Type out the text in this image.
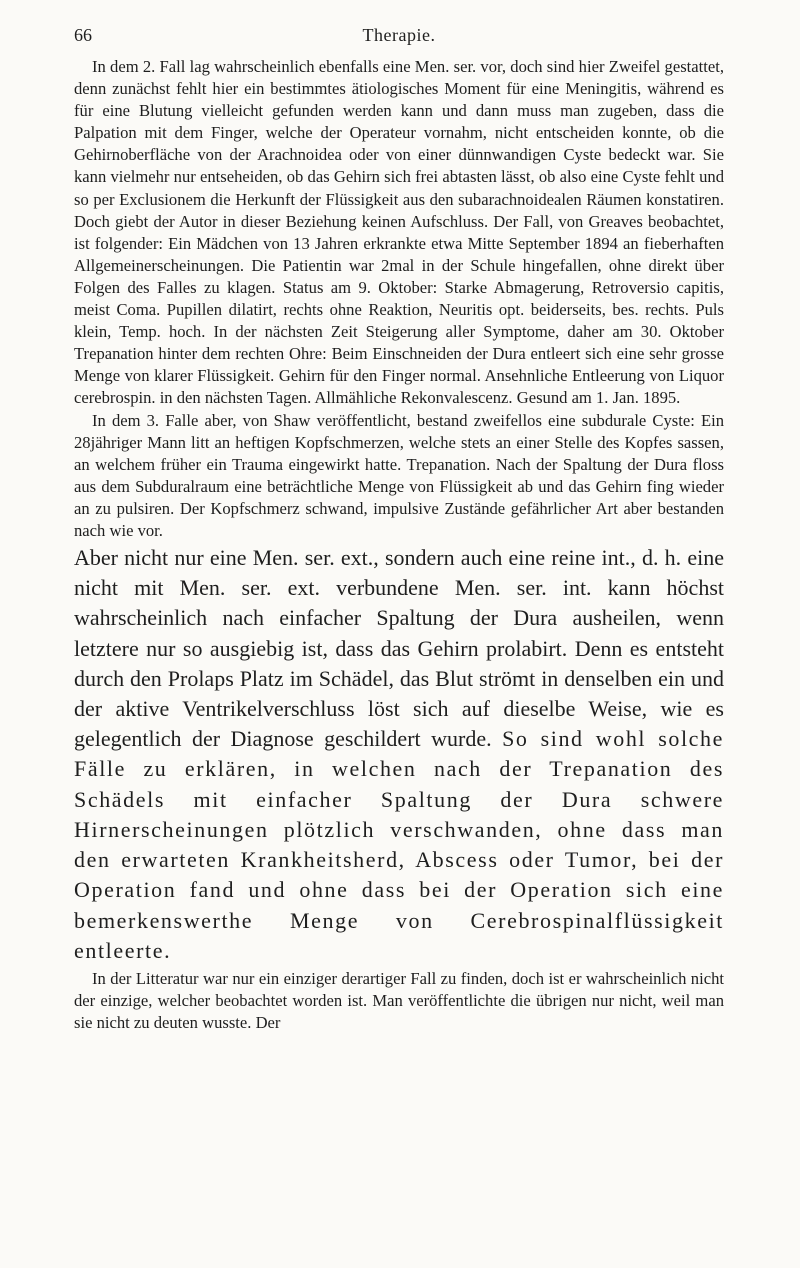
66	Therapie.

In dem 2. Fall lag wahrscheinlich ebenfalls eine Men. ser. vor, doch sind hier Zweifel gestattet, denn zunächst fehlt hier ein bestimmtes ätiologisches Moment für eine Meningitis, während es für eine Blutung vielleicht gefunden werden kann und dann muss man zugeben, dass die Palpation mit dem Finger, welche der Operateur vornahm, nicht entscheiden konnte, ob die Gehirnoberfläche von der Arachnoidea oder von einer dünnwandigen Cyste bedeckt war. Sie kann vielmehr nur entseheiden, ob das Gehirn sich frei abtasten lässt, ob also eine Cyste fehlt und so per Exclusionem die Herkunft der Flüssigkeit aus den subarachnoidealen Räumen konstatiren. Doch giebt der Autor in dieser Beziehung keinen Aufschluss. Der Fall, von Greaves beobachtet, ist folgender: Ein Mädchen von 13 Jahren erkrankte etwa Mitte September 1894 an fieberhaften Allgemeinerscheinungen. Die Patientin war 2mal in der Schule hingefallen, ohne direkt über Folgen des Falles zu klagen. Status am 9. Oktober: Starke Abmagerung, Retroversio capitis, meist Coma. Pupillen dilatirt, rechts ohne Reaktion, Neuritis opt. beiderseits, bes. rechts. Puls klein, Temp. hoch. In der nächsten Zeit Steigerung aller Symptome, daher am 30. Oktober Trepanation hinter dem rechten Ohre: Beim Einschneiden der Dura entleert sich eine sehr grosse Menge von klarer Flüssigkeit. Gehirn für den Finger normal. Ansehnliche Entleerung von Liquor cerebrospin. in den nächsten Tagen. Allmähliche Rekonvalescenz. Gesund am 1. Jan. 1895.

In dem 3. Falle aber, von Shaw veröffentlicht, bestand zweifellos eine subdurale Cyste: Ein 28jähriger Mann litt an heftigen Kopfschmerzen, welche stets an einer Stelle des Kopfes sassen, an welchem früher ein Trauma eingewirkt hatte. Trepanation. Nach der Spaltung der Dura floss aus dem Subduralraum eine beträchtliche Menge von Flüssigkeit ab und das Gehirn fing wieder an zu pulsiren. Der Kopfschmerz schwand, impulsive Zustände gefährlicher Art aber bestanden nach wie vor.

Aber nicht nur eine Men. ser. ext., sondern auch eine reine int., d. h. eine nicht mit Men. ser. ext. verbundene Men. ser. int. kann höchst wahrscheinlich nach einfacher Spaltung der Dura ausheilen, wenn letztere nur so ausgiebig ist, dass das Gehirn prolabirt. Denn es entsteht durch den Prolaps Platz im Schädel, das Blut strömt in denselben ein und der aktive Ventrikelverschluss löst sich auf dieselbe Weise, wie es gelegentlich der Diagnose geschildert wurde. So sind wohl solche Fälle zu erklären, in welchen nach der Trepanation des Schädels mit einfacher Spaltung der Dura schwere Hirnerscheinungen plötzlich verschwanden, ohne dass man den erwarteten Krankheitsherd, Abscess oder Tumor, bei der Operation fand und ohne dass bei der Operation sich eine bemerkenswerthe Menge von Cerebrospinalflüssigkeit entleerte.

In der Litteratur war nur ein einziger derartiger Fall zu finden, doch ist er wahrscheinlich nicht der einzige, welcher beobachtet worden ist. Man veröffentlichte die übrigen nur nicht, weil man sie nicht zu deuten wusste. Der
